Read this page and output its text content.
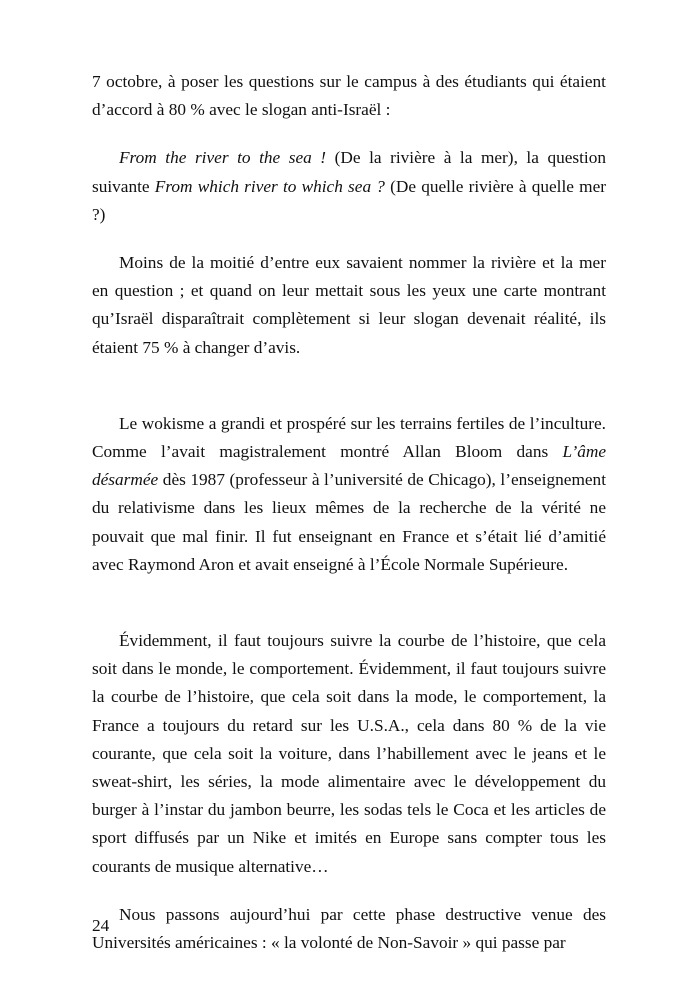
7 octobre, à poser les questions sur le campus à des étudiants qui étaient d’accord à 80 % avec le slogan anti-Israël :

From the river to the sea ! (De la rivière à la mer), la question suivante From which river to which sea ? (De quelle rivière à quelle mer ?)

Moins de la moitié d’entre eux savaient nommer la rivière et la mer en question ; et quand on leur mettait sous les yeux une carte montrant qu’Israël disparaîtrait complètement si leur slogan devenait réalité, ils étaient 75 % à changer d’avis.

Le wokisme a grandi et prospéré sur les terrains fertiles de l’inculture. Comme l’avait magistralement montré Allan Bloom dans L’âme désarmée dès 1987 (professeur à l’université de Chicago), l’enseignement du relativisme dans les lieux mêmes de la recherche de la vérité ne pouvait que mal finir. Il fut enseignant en France et s’était lié d’amitié avec Raymond Aron et avait enseigné à l’École Normale Supérieure.

Évidemment, il faut toujours suivre la courbe de l’histoire, que cela soit dans le monde, le comportement. Évidemment, il faut toujours suivre la courbe de l’histoire, que cela soit dans la mode, le comportement, la France a toujours du retard sur les U.S.A., cela dans 80 % de la vie courante, que cela soit la voiture, dans l’habillement avec le jeans et le sweat-shirt, les séries, la mode alimentaire avec le développement du burger à l’instar du jambon beurre, les sodas tels le Coca et les articles de sport diffusés par un Nike et imités en Europe sans compter tous les courants de musique alternative…

Nous passons aujourd’hui par cette phase destructive venue des Universités américaines : « la volonté de Non-Savoir » qui passe par

24
